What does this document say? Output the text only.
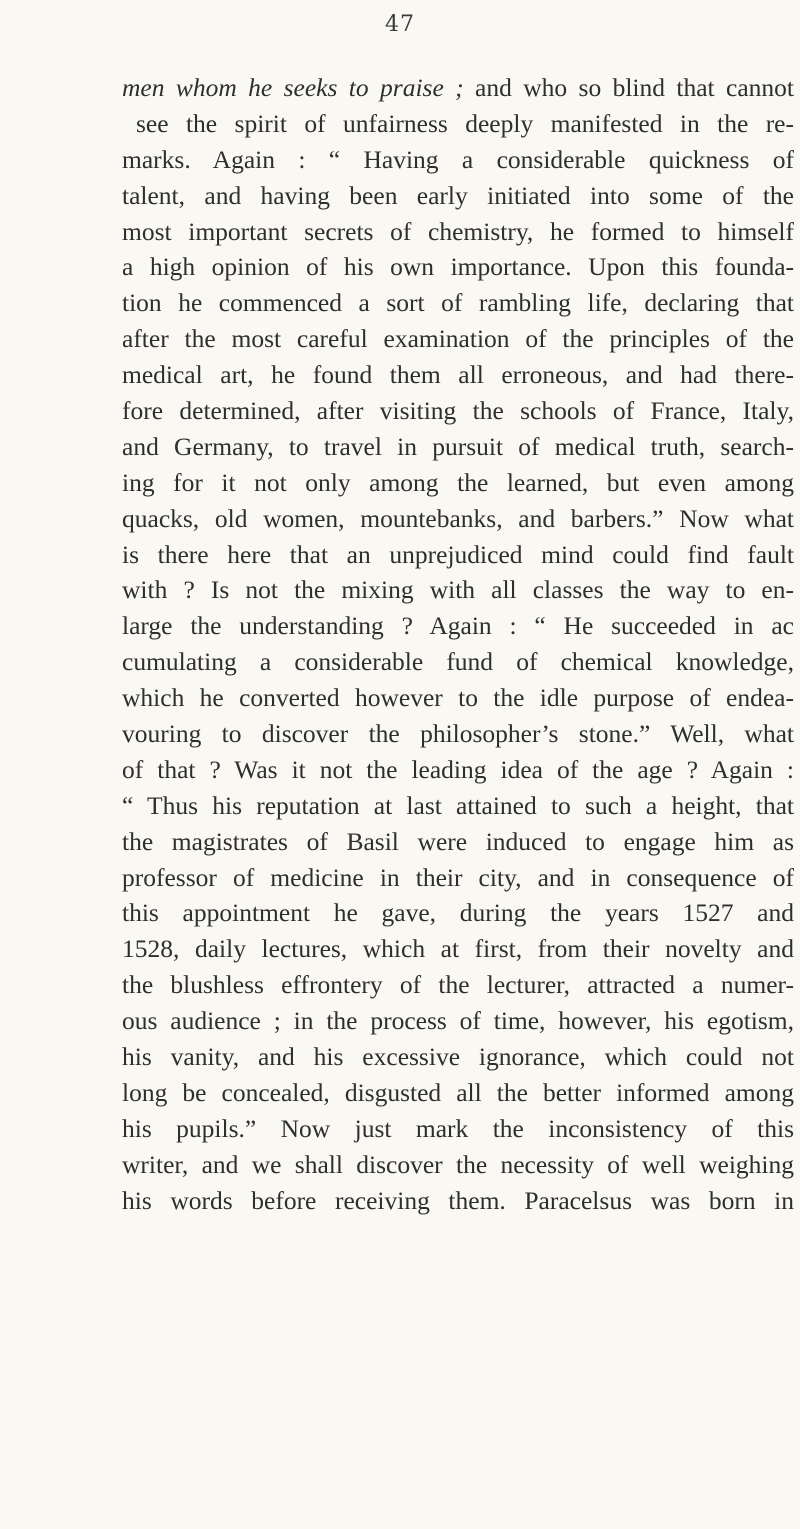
47
men whom he seeks to praise ; and who so blind that cannot
see the spirit of unfairness deeply manifested in the re-
marks. Again : “ Having a considerable quickness of
talent, and having been early initiated into some of the
most important secrets of chemistry, he formed to himself
a high opinion of his own importance. Upon this founda-
tion he commenced a sort of rambling life, declaring that
after the most careful examination of the principles of the
medical art, he found them all erroneous, and had there-
fore determined, after visiting the schools of France, Italy,
and Germany, to travel in pursuit of medical truth, search-
ing for it not only among the learned, but even among
quacks, old women, mountebanks, and barbers.” Now what
is there here that an unprejudiced mind could find fault
with ? Is not the mixing with all classes the way to en-
large the understanding ? Again : “ He succeeded in ac
cumulating a considerable fund of chemical knowledge,
which he converted however to the idle purpose of endea-
vouring to discover the philosopher’s stone.” Well, what
of that ? Was it not the leading idea of the age ? Again :
“ Thus his reputation at last attained to such a height, that
the magistrates of Basil were induced to engage him as
professor of medicine in their city, and in consequence of
this appointment he gave, during the years 1527 and
1528, daily lectures, which at first, from their novelty and
the blushless effrontery of the lecturer, attracted a numer-
ous audience ; in the process of time, however, his egotism,
his vanity, and his excessive ignorance, which could not
long be concealed, disgusted all the better informed among
his pupils.” Now just mark the inconsistency of this
writer, and we shall discover the necessity of well weighing
his words before receiving them. Paracelsus was born in
